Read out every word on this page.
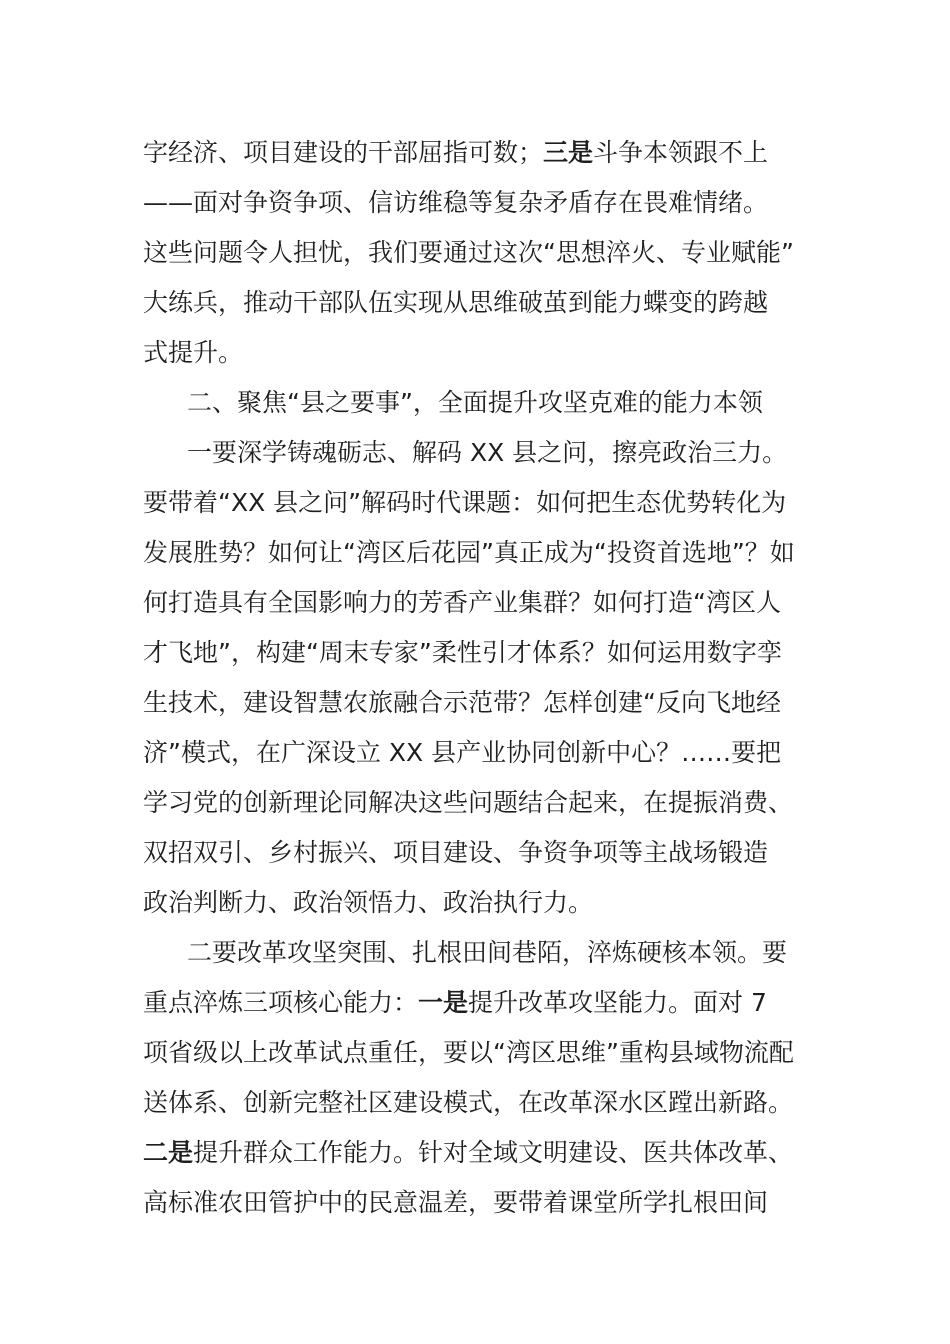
字经济、项目建设的干部屈指可数；三是斗争本领跟不上
——面对争资争项、信访维稳等复杂矛盾存在畏难情绪。
这些问题令人担忧，我们要通过这次“思想淬火、专业赋能”
大练兵，推动干部队伍实现从思维破茧到能力蝶变的跨越
式提升。
二、聚焦“县之要事”，全面提升攻坚克难的能力本领
一要深学铸魂砺志、解码 XX 县之问，擦亮政治三力。
要带着“XX 县之问”解码时代课题：如何把生态优势转化为
发展胜势？如何让“湾区后花园”真正成为“投资首选地”？如
何打造具有全国影响力的芳香产业集群？如何打造“湾区人
才飞地”，构建“周末专家”柔性引才体系？如何运用数字孪
生技术，建设智慧农旅融合示范带？怎样创建“反向飞地经
济”模式，在广深设立 XX 县产业协同创新中心？……要把
学习党的创新理论同解决这些问题结合起来，在提振消费、
双招双引、乡村振兴、项目建设、争资争项等主战场锻造
政治判断力、政治领悟力、政治执行力。
二要改革攻坚突围、扎根田间巷陌，淬炼硬核本领。要
重点淬炼三项核心能力：一是提升改革攻坚能力。面对 7
项省级以上改革试点重任，要以“湾区思维”重构县域物流配
送体系、创新完整社区建设模式，在改革深水区蹚出新路。
二是提升群众工作能力。针对全域文明建设、医共体改革、
高标准农田管护中的民意温差，要带着课堂所学扎根田间
